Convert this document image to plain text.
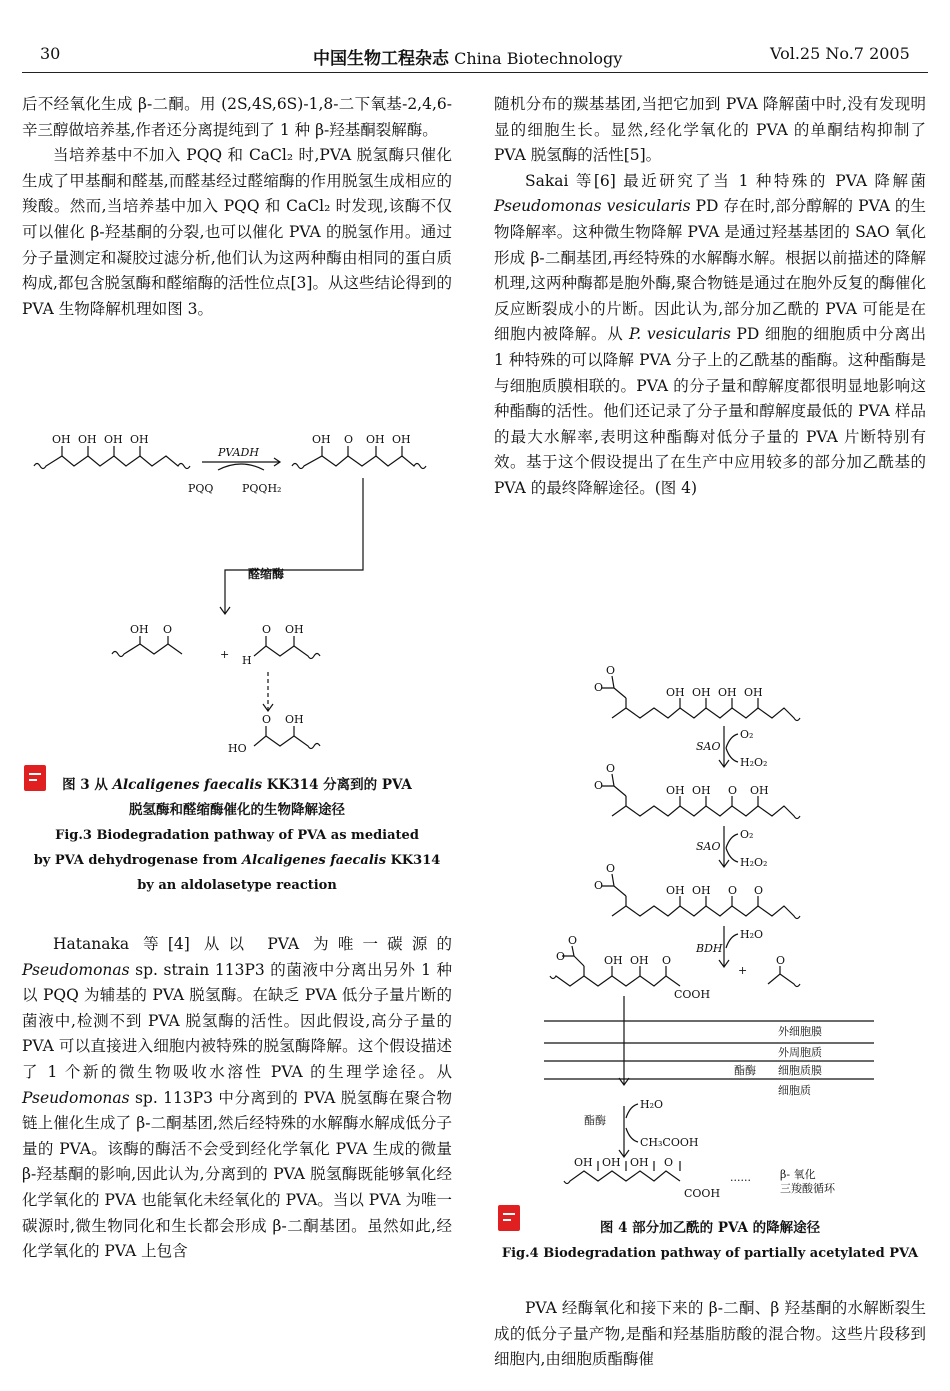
30	中国生物工程杂志 China Biotechnology	Vol.25 No.7 2005

后不经氧化生成 β-二酮。用 (2S,4S,6S)-1,8-二下氧基-2,4,6-辛三醇做培养基,作者还分离提纯到了 1 种 β-羟基酮裂解酶。

当培养基中不加入 PQQ 和 CaCl₂ 时,PVA 脱氢酶只催化生成了甲基酮和醛基,而醛基经过醛缩酶的作用脱氢生成相应的羧酸。然而,当培养基中加入 PQQ 和 CaCl₂ 时发现,该酶不仅可以催化 β-羟基酮的分裂,也可以催化 PVA 的脱氢作用。通过分子量测定和凝胶过滤分析,他们认为这两种酶由相同的蛋白质构成,都包含脱氢酶和醛缩酶的活性位点[3]。从这些结论得到的 PVA 生物降解机理如图 3。

OH OH OH OH
PVADH
PQQ	PQQH₂
OH O OH OH
醛缩酶
OH O
+
O OH
H
O OH
HO
图 3 从 Alcaligenes faecalis KK314 分离到的 PVA
脱氢酶和醛缩酶催化的生物降解途径
Fig.3 Biodegradation pathway of PVA as mediated
by PVA dehydrogenase from Alcaligenes faecalis KK314
by an aldolasetype reaction

Hatanaka 等[4] 从以 PVA 为唯一碳源的 Pseudomonas sp. strain 113P3 的菌液中分离出另外 1 种以 PQQ 为辅基的 PVA 脱氢酶。在缺乏 PVA 低分子量片断的菌液中,检测不到 PVA 脱氢酶的活性。因此假设,高分子量的 PVA 可以直接进入细胞内被特殊的脱氢酶降解。这个假设描述了 1 个新的微生物吸收水溶性 PVA 的生理学途径。从 Pseudomonas sp. 113P3 中分离到的 PVA 脱氢酶在聚合物链上催化生成了 β-二酮基团,然后经特殊的水解酶水解成低分子量的 PVA。该酶的酶活不会受到经化学氧化 PVA 生成的微量 β-羟基酮的影响,因此认为,分离到的 PVA 脱氢酶既能够氧化经化学氧化的 PVA 也能氧化未经氧化的 PVA。当以 PVA 为唯一碳源时,微生物同化和生长都会形成 β-二酮基团。虽然如此,经化学氧化的 PVA 上包含

随机分布的羰基基团,当把它加到 PVA 降解菌中时,没有发现明显的细胞生长。显然,经化学氧化的 PVA 的单酮结构抑制了 PVA 脱氢酶的活性[5]。

Sakai 等[6] 最近研究了当 1 种特殊的 PVA 降解菌 Pseudomonas vesicularis PD 存在时,部分醇解的 PVA 的生物降解率。这种微生物降解 PVA 是通过羟基基团的 SAO 氧化形成 β-二酮基团,再经特殊的水解酶水解。根据以前描述的降解机理,这两种酶都是胞外酶,聚合物链是通过在胞外反复的酶催化反应断裂成小的片断。因此认为,部分加乙酰的 PVA 可能是在细胞内被降解。从 P. vesicularis PD 细胞的细胞质中分离出 1 种特殊的可以降解 PVA 分子上的乙酰基的酯酶。这种酯酶是与细胞质膜相联的。PVA 的分子量和醇解度都很明显地影响这种酯酶的活性。他们还记录了分子量和醇解度最低的 PVA 样品的最大水解率,表明这种酯酶对低分子量的 PVA 片断特别有效。基于这个假设提出了在生产中应用较多的部分加乙酰基的 PVA 的最终降解途径。(图 4)

O
O	OH OH OH OH
SAO
O₂
H₂O₂
O
O	OH OH O OH
SAO
O₂
H₂O₂
O
O	OH OH O O
BDH
H₂O
O
O	OH OH O
COOH
+
O
外细胞膜
外周胞质
酯酶 细胞质膜
细胞质
酯酶
H₂O
CH₃COOH
OH OH OH O
COOH
······	β- 氧化
三羧酸循环
图 4 部分加乙酰的 PVA 的降解途径
Fig.4 Biodegradation pathway of partially acetylated PVA

PVA 经酶氧化和接下来的 β-二酮、β 羟基酮的水解断裂生成的低分子量产物,是酯和羟基脂肪酸的混合物。这些片段移到细胞内,由细胞质酯酶催
